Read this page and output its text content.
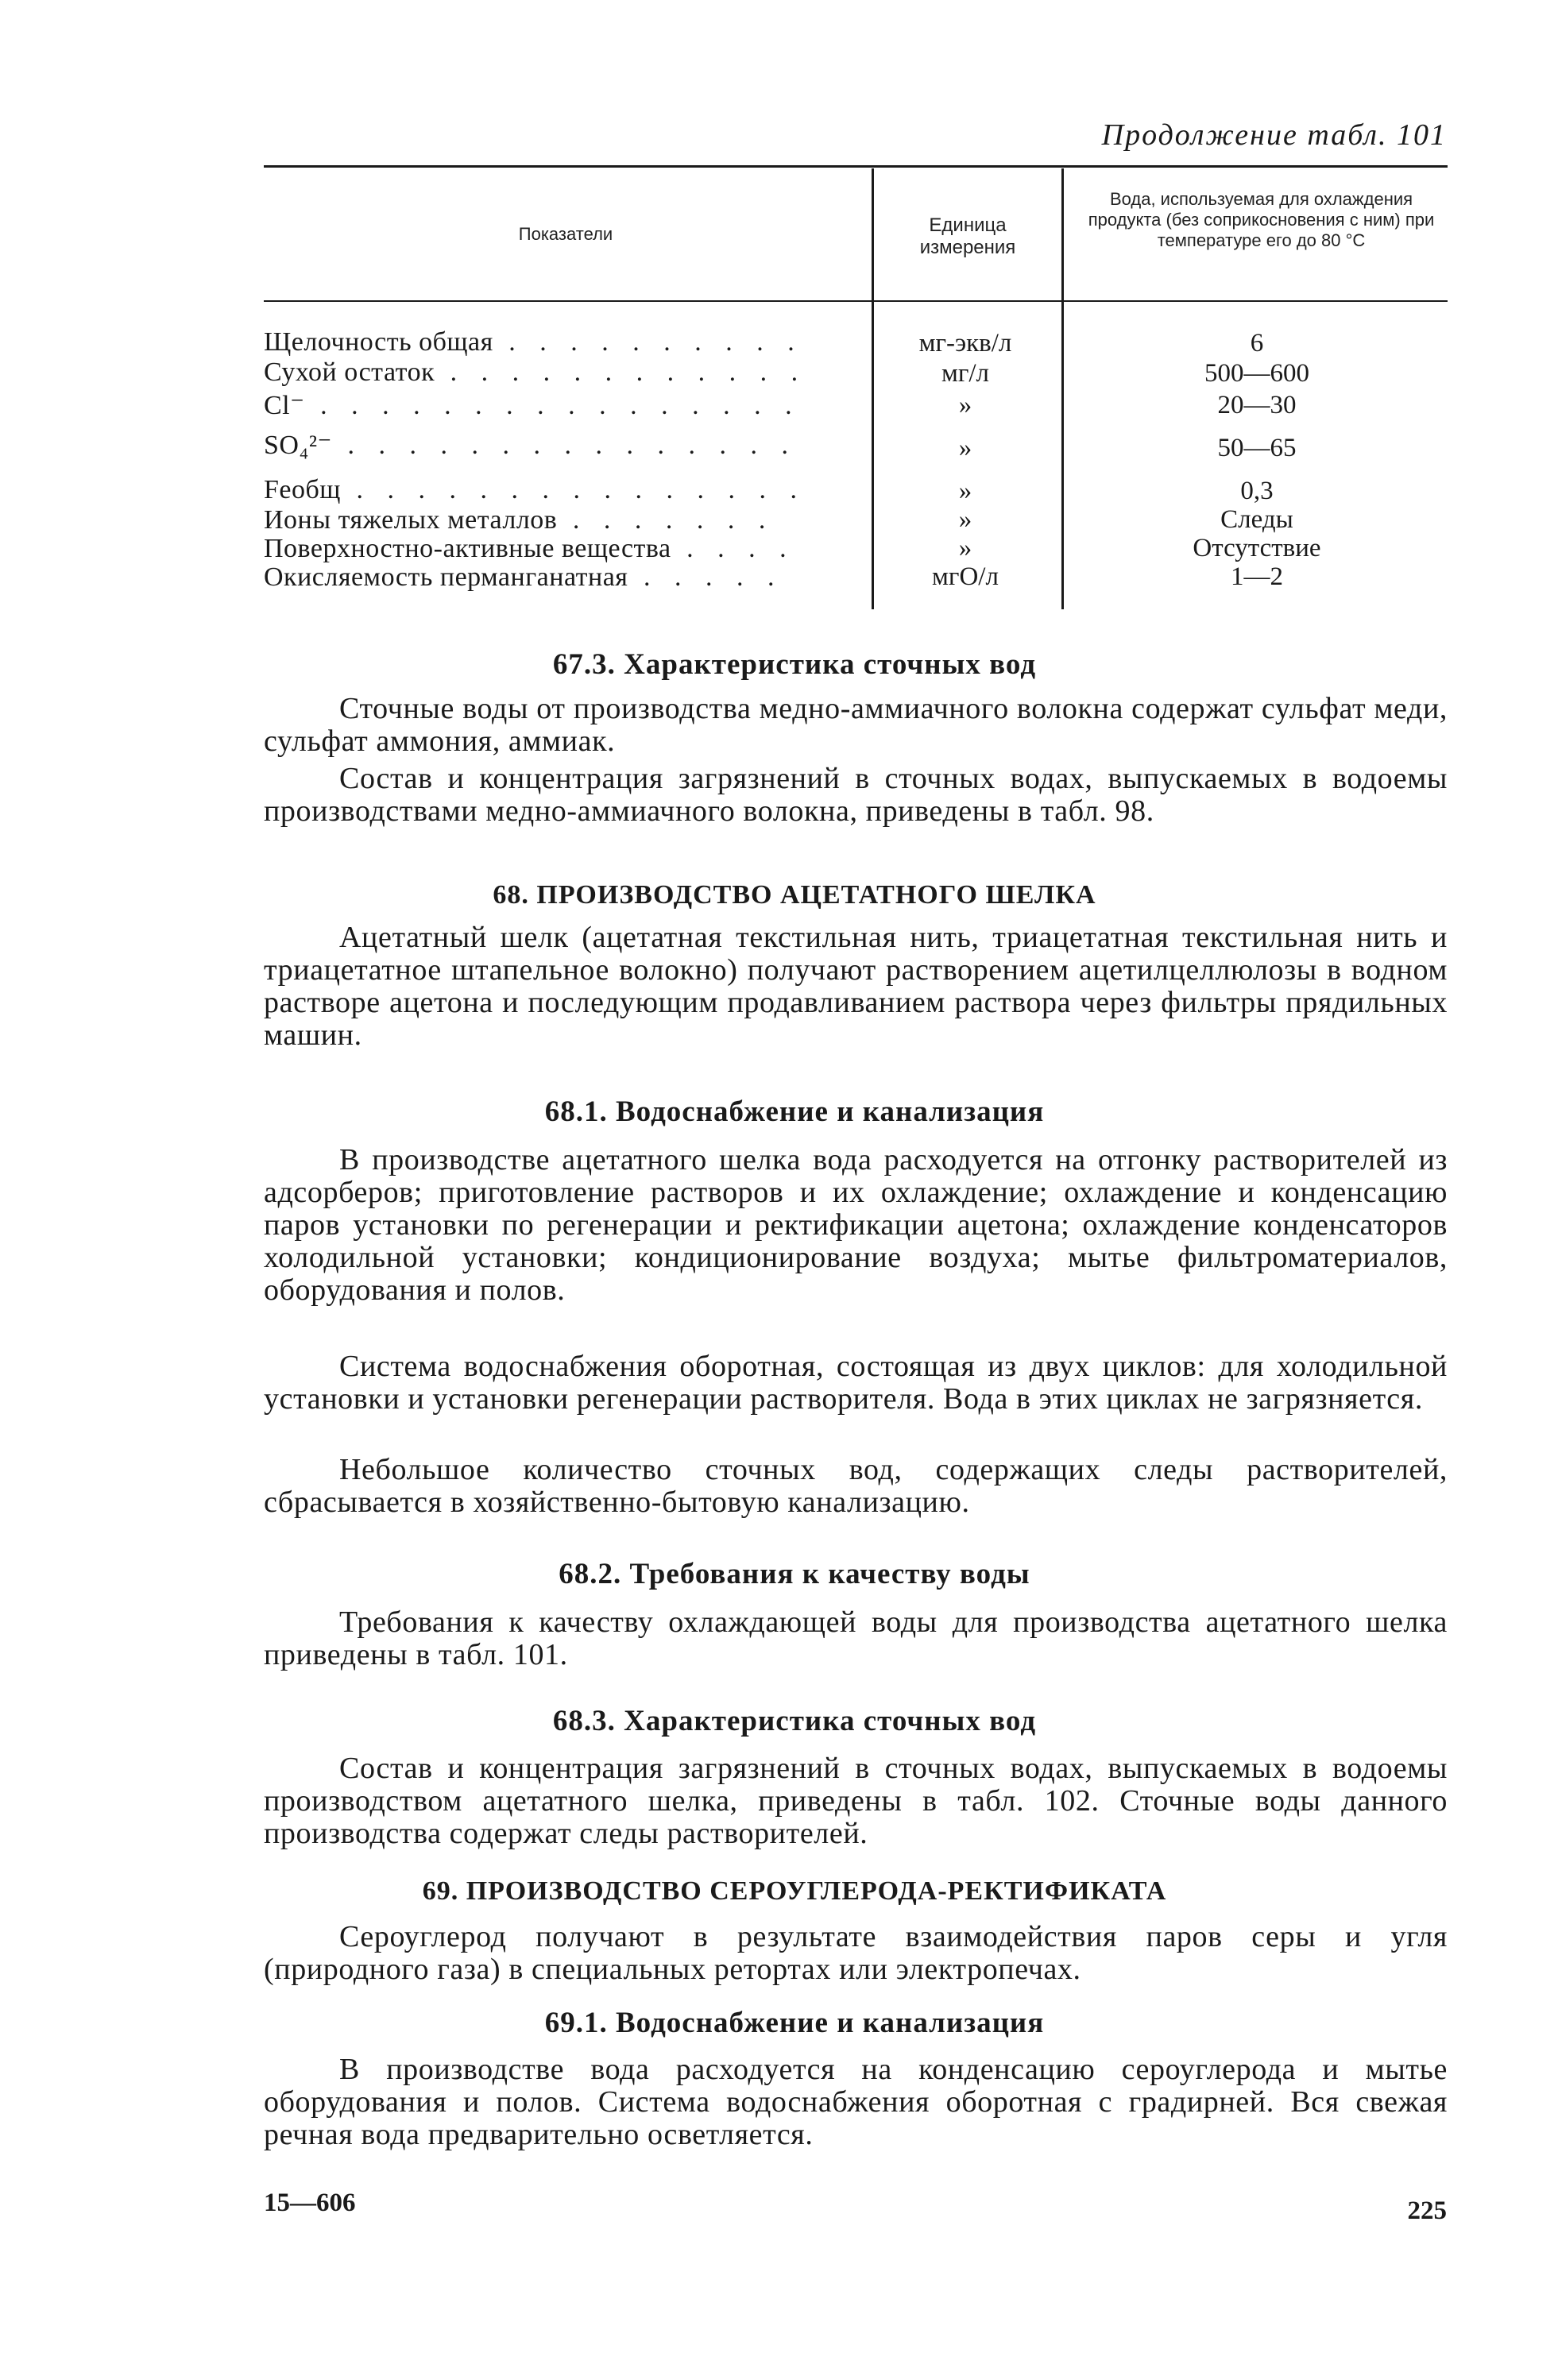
Продолжение табл. 101
Показатели	Единица измерения
Вода, используемая для охлаждения продукта (без соприкосновения с ним) при температуре его до 80 °С
Щелочность общая . . . . . . . . . .	мг-экв/л	6
Сухой остаток . . . . . . . . . . . .	мг/л	500—600
Cl⁻ . . . . . . . . . . . . . . . .	»	20—30
SO₄²⁻ . . . . . . . . . . . . . . .	»	50—65
Feобщ . . . . . . . . . . . . . . .	»	0,3
Ионы тяжелых металлов . . . . . . .	»	Следы
Поверхностно-активные вещества . . . .	»	Отсутствие
Окисляемость перманганатная . . . . .	мгО/л	1—2
67.3. Характеристика сточных вод

Сточные воды от производства медно-аммиачного волокна содержат сульфат меди, сульфат аммония, аммиак.

Состав и концентрация загрязнений в сточных водах, выпускаемых в водоемы производствами медно-аммиачного волокна, приведены в табл. 98.

68. ПРОИЗВОДСТВО АЦЕТАТНОГО ШЕЛКА

Ацетатный шелк (ацетатная текстильная нить, триацетатная текстильная нить и триацетатное штапельное волокно) получают растворением ацетилцеллюлозы в водном растворе ацетона и последующим продавливанием раствора через фильтры прядильных машин.

68.1. Водоснабжение и канализация

В производстве ацетатного шелка вода расходуется на отгонку растворителей из адсорберов; приготовление растворов и их охлаждение; охлаждение и конденсацию паров установки по регенерации и ректификации ацетона; охлаждение конденсаторов холодильной установки; кондиционирование воздуха; мытье фильтроматериалов, оборудования и полов.

Система водоснабжения оборотная, состоящая из двух циклов: для холодильной установки и установки регенерации растворителя. Вода в этих циклах не загрязняется.

Небольшое количество сточных вод, содержащих следы растворителей, сбрасывается в хозяйственно-бытовую канализацию.

68.2. Требования к качеству воды

Требования к качеству охлаждающей воды для производства ацетатного шелка приведены в табл. 101.

68.3. Характеристика сточных вод

Состав и концентрация загрязнений в сточных водах, выпускаемых в водоемы производством ацетатного шелка, приведены в табл. 102. Сточные воды данного производства содержат следы растворителей.

69. ПРОИЗВОДСТВО СЕРОУГЛЕРОДА-РЕКТИФИКАТА

Сероуглерод получают в результате взаимодействия паров серы и угля (природного газа) в специальных ретортах или электропечах.

69.1. Водоснабжение и канализация

В производстве вода расходуется на конденсацию сероуглерода и мытье оборудования и полов. Система водоснабжения оборотная с градирней. Вся свежая речная вода предварительно осветляется.

15—606	225
